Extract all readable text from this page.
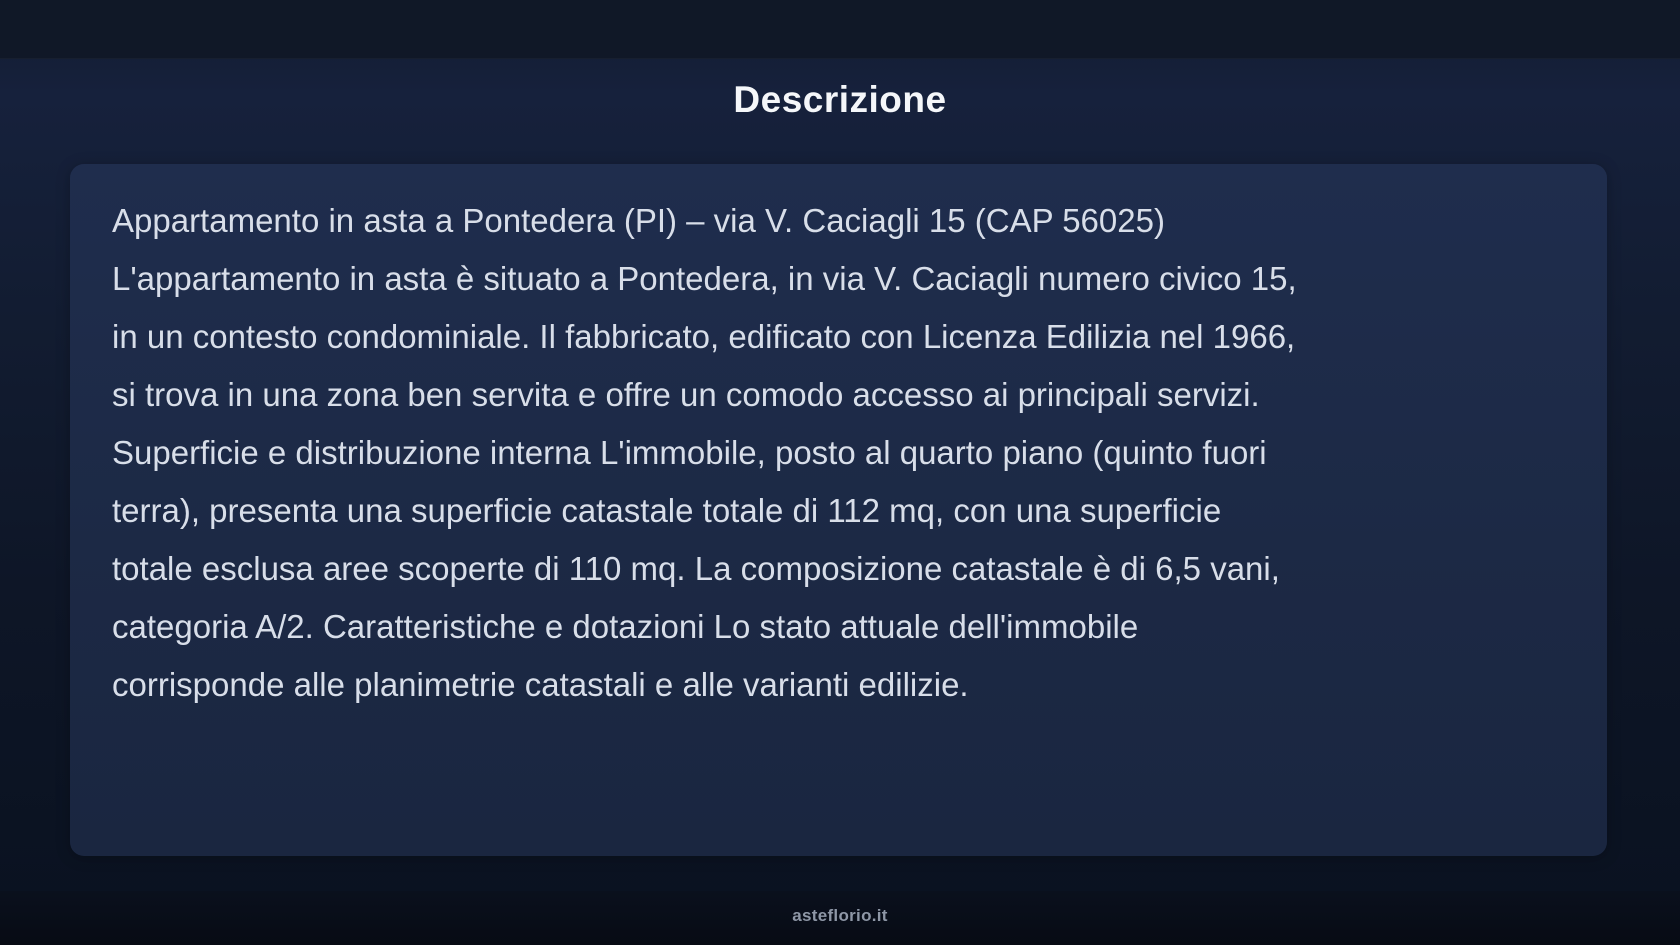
Descrizione
Appartamento in asta a Pontedera (PI) – via V. Caciagli 15 (CAP 56025)
L'appartamento in asta è situato a Pontedera, in via V. Caciagli numero civico 15,
in un contesto condominiale. Il fabbricato, edificato con Licenza Edilizia nel 1966,
si trova in una zona ben servita e offre un comodo accesso ai principali servizi.
Superficie e distribuzione interna L'immobile, posto al quarto piano (quinto fuori
terra), presenta una superficie catastale totale di 112 mq, con una superficie
totale esclusa aree scoperte di 110 mq. La composizione catastale è di 6,5 vani,
categoria A/2. Caratteristiche e dotazioni Lo stato attuale dell'immobile
corrisponde alle planimetrie catastali e alle varianti edilizie.
asteflorio.it
